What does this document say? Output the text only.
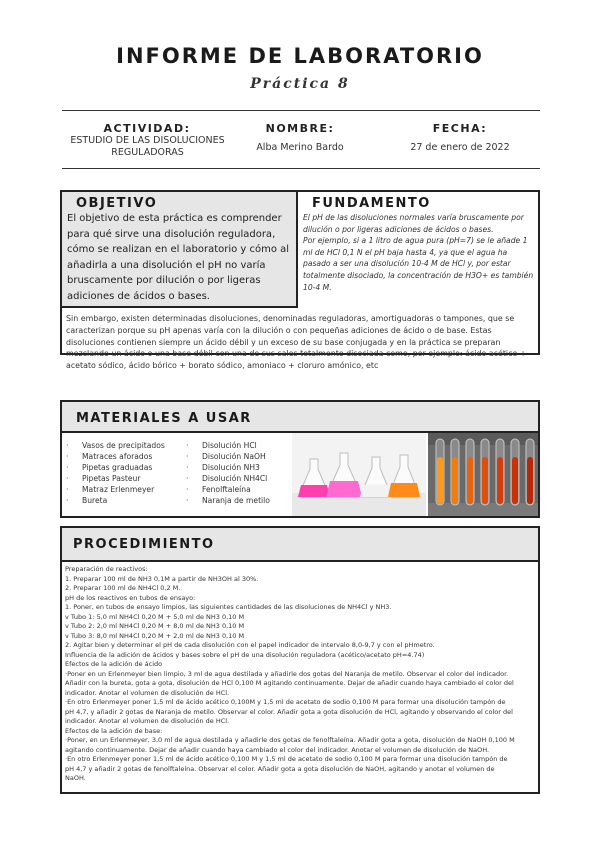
INFORME DE LABORATORIO
Práctica 8
ACTIVIDAD:
ESTUDIO DE LAS DISOLUCIONES
REGULADORAS
NOMBRE:
Alba Merino Bardo
FECHA:
27 de enero de 2022
OBJETIVO
El objetivo de esta práctica es comprender para qué sirve una disolución reguladora, cómo se realizan en el laboratorio y cómo al añadirla a una disolución el pH no varía bruscamente por dilución o por ligeras adiciones de ácidos o bases.
FUNDAMENTO

El pH de las disoluciones normales varía bruscamente por dilución o por ligeras adiciones de ácidos o bases.

Por ejemplo, si a 1 litro de agua pura (pH=7) se le añade 1 ml de HCl 0,1 N el pH baja hasta 4, ya que el agua ha pasado a ser una disolución 10-4 M de HCl y, por estar totalmente disociado, la concentración de H3O+ es también 10-4 M.

Sin embargo, existen determinadas disoluciones, denominadas reguladoras, amortiguadoras o tampones, que se caracterizan porque su pH apenas varía con la dilución o con pequeñas adiciones de ácido o de base. Estas disoluciones contienen siempre un ácido débil y un exceso de su base conjugada y en la práctica se preparan mezclando un ácido o una base débil con una de sus sales totalmente disociada como, por ejemplo: ácido acético + acetato sódico, ácido bórico + borato sódico, amoniaco + cloruro amónico, etc
MATERIALES A USAR
· Vasos de precipitados
· Matraces aforados
· Pipetas graduadas
· Pipetas Pasteur
· Matraz Erlenmeyer
· Bureta
· Disolución HCl
· Disolución NaOH
· Disolución NH3
· Disolución NH4Cl
· Fenolftaleína
· Naranja de metilo
PROCEDIMIENTO
Preparación de reactivos:
1. Preparar 100 ml de NH3 0,1M a partir de NH3OH al 30%.
2. Preparar 100 ml de NH4Cl 0,2 M.
pH de los reactivos en tubos de ensayo:
1. Poner, en tubos de ensayo limpios, las siguientes cantidades de las disoluciones de NH4Cl y NH3.
v Tubo 1: 5,0 ml NH4Cl 0,20 M + 5,0 ml de NH3 0,10 M
v Tubo 2: 2,0 ml NH4Cl 0,20 M + 8,0 ml de NH3 0,10 M
v Tubo 3: 8,0 ml NH4Cl 0,20 M + 2,0 ml de NH3 0,10 M
2. Agitar bien y determinar el pH de cada disolución con el papel indicador de intervalo 8,0-9,7 y con el pHmetro.
Influencia de la adición de ácidos y bases sobre el pH de una disolución reguladora (acético/acetato pH=4.74)
Efectos de la adición de ácido
·Poner en un Erlenmeyer bien limpio, 3 ml de agua destilada y añadirle dos gotas del Naranja de metilo. Observar el color del indicador.
Añadir con la bureta, gota a gota, disolución de HCl 0,100 M agitando continuamente. Dejar de añadir cuando haya cambiado el color del
indicador. Anotar el volumen de disolución de HCl.
·En otro Erlenmeyer poner 1,5 ml de ácido acético 0,100M y 1,5 ml de acetato de sodio 0,100 M para formar una disolución tampón de
pH 4,7, y añadir 2 gotas de Naranja de metilo. Observar el color. Añadir gota a gota disolución de HCl, agitando y observando el color del
indicador. Anotar el volumen de disolución de HCl.
Efectos de la adición de base:
·Poner, en un Erlenmeyer, 3,0 ml de agua destilada y añadirle dos gotas de fenolftaleína. Añadir gota a gota, disolución de NaOH 0,100 M
agitando continuamente. Dejar de añadir cuando haya cambiado el color del indicador. Anotar el volumen de disolución de NaOH.
·En otro Erlenmeyer poner 1,5 ml de ácido acético 0,100 M y 1,5 ml de acetato de sodio 0,100 M para formar una disolución tampón de
pH 4,7 y añadir 2 gotas de fenolftaleína. Observar el color. Añadir gota a gota disolución de NaOH, agitando y anotar el volumen de
NaOH.
